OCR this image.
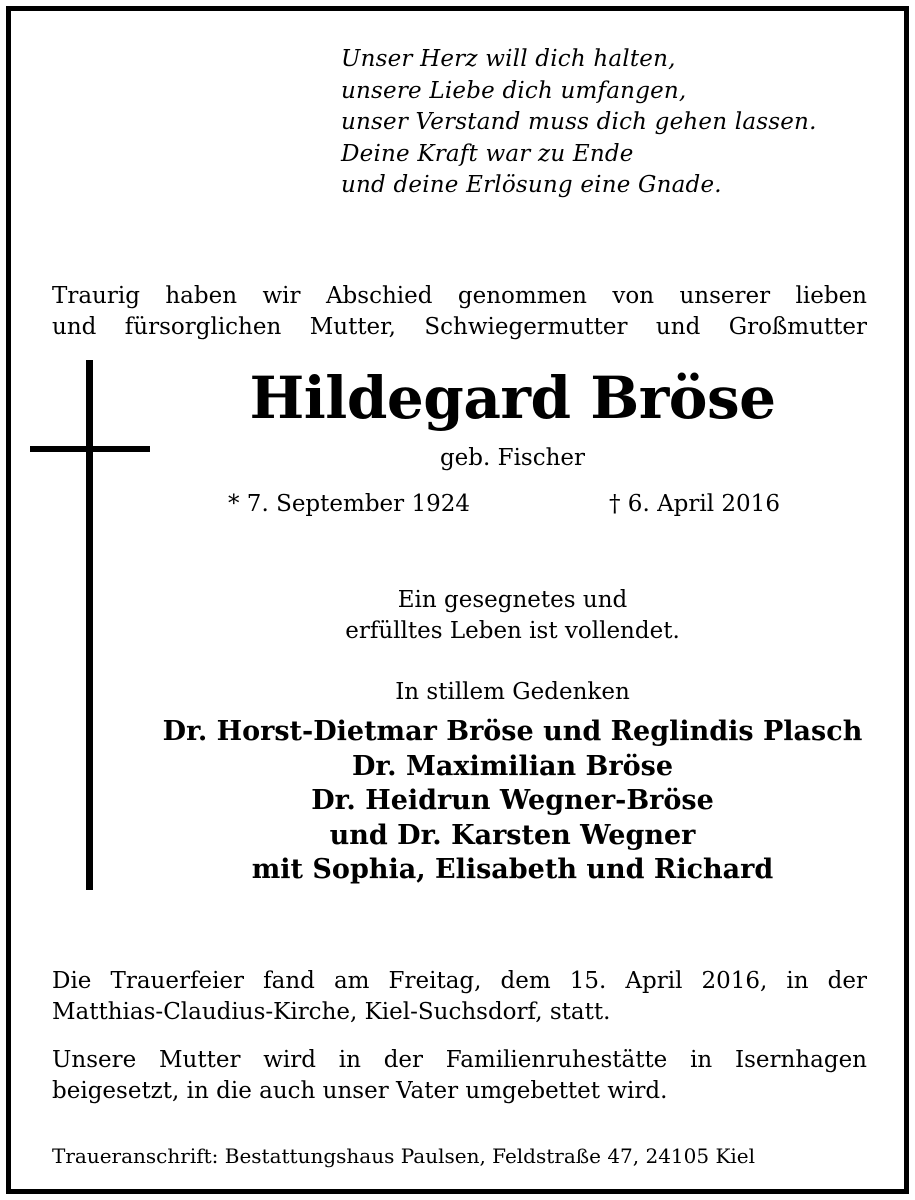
Unser Herz will dich halten,
unsere Liebe dich umfangen,
unser Verstand muss dich gehen lassen.
Deine Kraft war zu Ende
und deine Erlösung eine Gnade.
Traurig haben wir Abschied genommen von unserer lieben
und fürsorglichen Mutter, Schwiegermutter und Großmutter
Hildegard Bröse
geb. Fischer
* 7. September 1924	† 6. April 2016
Ein gesegnetes und
erfülltes Leben ist vollendet.
In stillem Gedenken
Dr. Horst-Dietmar Bröse und Reglindis Plasch
Dr. Maximilian Bröse
Dr. Heidrun Wegner-Bröse
und Dr. Karsten Wegner
mit Sophia, Elisabeth und Richard
Die Trauerfeier fand am Freitag, dem 15. April 2016, in der
Matthias-Claudius-Kirche, Kiel-Suchsdorf, statt.
Unsere Mutter wird in der Familienruhestätte in Isernhagen
beigesetzt, in die auch unser Vater umgebettet wird.
Traueranschrift: Bestattungshaus Paulsen, Feldstraße 47, 24105 Kiel
